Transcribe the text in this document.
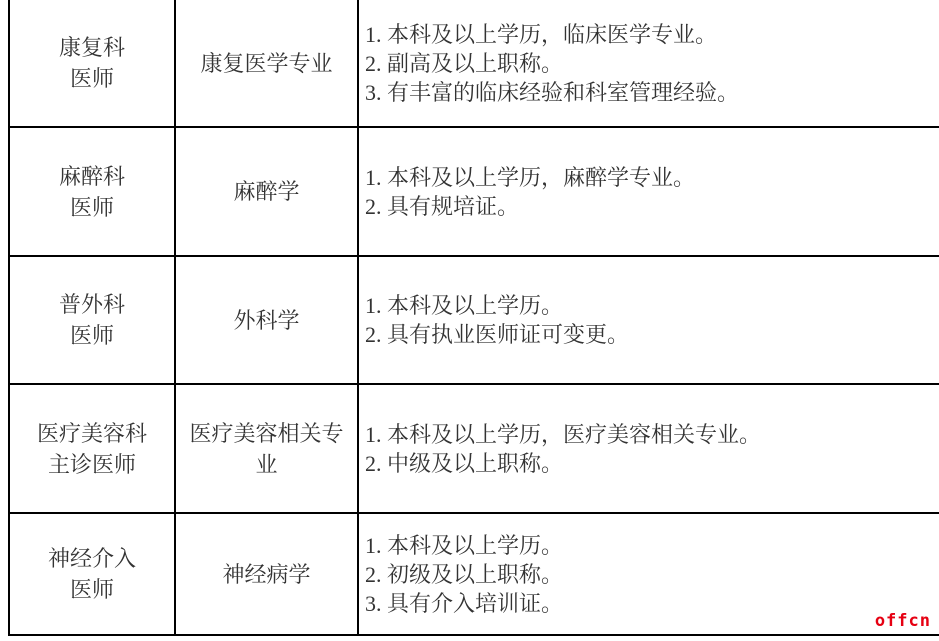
康复科
医师
康复医学专业
1. 本科及以上学历，临床医学专业。
2. 副高及以上职称。
3. 有丰富的临床经验和科室管理经验。
麻醉科
医师
麻醉学
1. 本科及以上学历，麻醉学专业。
2. 具有规培证。
普外科
医师
外科学
1. 本科及以上学历。
2. 具有执业医师证可变更。
医疗美容科
主诊医师
医疗美容相关专业
1. 本科及以上学历，医疗美容相关专业。
2. 中级及以上职称。
神经介入
医师
神经病学
1. 本科及以上学历。
2. 初级及以上职称。
3. 具有介入培训证。
offcn
